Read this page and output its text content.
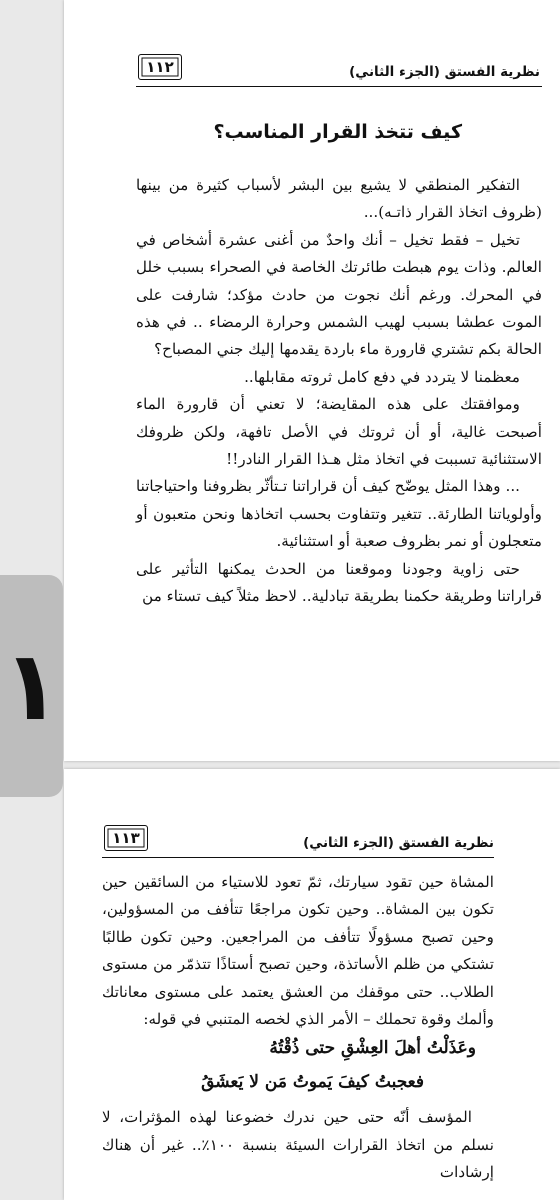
١١٢	نظرية الفستق (الجزء الثاني)
كيف تتخذ القرار المناسب؟

التفكير المنطقي لا يشيع بين البشر لأسباب كثيرة من بينها (ظروف اتخاذ القرار ذاتـه)...

تخيل – فقط تخيل – أنك واحدٌ من أغنى عشرة أشخاص في العالم. وذات يوم هبطت طائرتك الخاصة في الصحراء بسبب خلل في المحرك. ورغم أنك نجوت من حادث مؤكد؛ شارفت على الموت عطشا بسبب لهيب الشمس وحرارة الرمضاء .. في هذه الحالة بكم تشتري قارورة ماء باردة يقدمها إليك جني المصباح؟

معظمنا لا يتردد في دفع كامل ثروته مقابلها..

وموافقتك على هذه المقايضة؛ لا تعني أن قارورة الماء أصبحت غالية، أو أن ثروتك في الأصل تافهة، ولكن ظروفك الاستثنائية تسببت في اتخاذ مثل هـذا القرار النادر!!

... وهذا المثل يوضّح كيف أن قراراتنا تـتأثّر بظروفنا واحتياجاتنا وأولوياتنا الطارئة.. تتغير وتتفاوت بحسب اتخاذها ونحن متعبون أو متعجلون أو نمر بظروف صعبة أو استثنائية.

حتى زاوية وجودنا وموقعنا من الحدث يمكنها التأثير على قراراتنا وطريقة حكمنا بطريقة تبادلية.. لاحظ مثلاً كيف تستاء من

١١٣	نظرية الفستق (الجزء الثاني)

المشاة حين تقود سيارتك، ثمّ تعود للاستياء من السائقين حين تكون بين المشاة.. وحين تكون مراجعًا تتأفف من المسؤولين، وحين تصبح مسؤولًا تتأفف من المراجعين. وحين تكون طالبًا تشتكي من ظلم الأساتذة، وحين تصبح أستاذًا تتذمّر من مستوى الطلاب.. حتى موقفك من العشق يعتمد على مستوى معاناتك وألمك وقوة تحملك – الأمر الذي لخصه المتنبي في قوله:

وعَذَلْتُ أهلَ العِشْقِ حتى ذُقْتُهُ
فعجبتُ كيفَ يَموتُ مَن لا يَعشَقُ

المؤسف أنّه حتى حين ندرك خضوعنا لهذه المؤثرات، لا نسلم من اتخاذ القرارات السيئة بنسبة ١٠٠٪.. غير أن هناك إرشادات

١
